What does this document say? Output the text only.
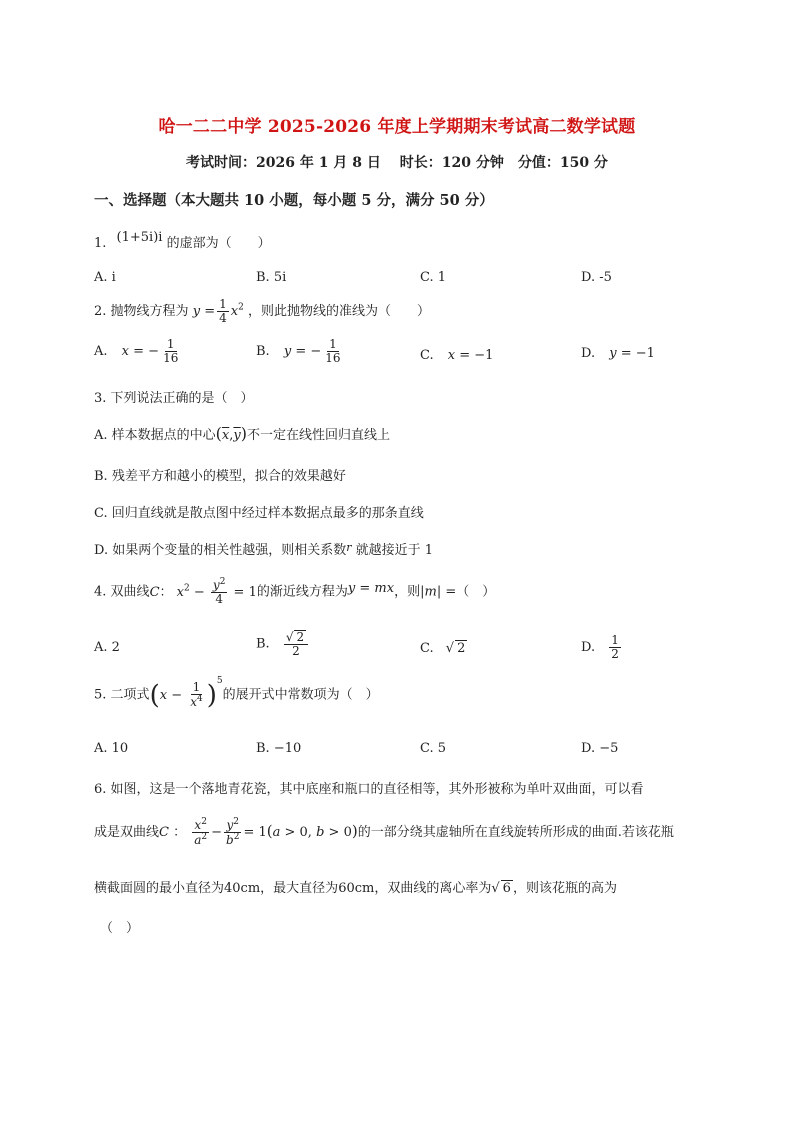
哈一二二中学 2025-2026 年度上学期期末考试高二数学试题
考试时间：2026 年 1 月 8 日　 时长：120 分钟　分值：150 分
一、选择题（本大题共 10 小题，每小题 5 分，满分 50 分）
1. (1+5i)i 的虚部为（　　）
A. i	B. 5i	C. 1	D. -5
2. 抛物线方程为 $y = \frac{1}{4} x^2$ ，则此抛物线的准线为（　　）
A. x = − $\frac{1}{16}$	B. y = − $\frac{1}{16}$	C. x = −1	D. y = −1
3. 下列说法正确的是（　）
A. 样本数据点的中心$(\overline{x},\overline{y})$不一定在线性回归直线上
B. 残差平方和越小的模型，拟合的效果越好
C. 回归直线就是散点图中经过样本数据点最多的那条直线
D. 如果两个变量的相关性越强，则相关系数$^r$ 就越接近于 1
4. 双曲线C： $x^2 - \frac{y^2}{4} = 1$的渐近线方程为y = mx，则|m| =（　）
A. 2	B. $\frac{√ 2}{2}$	C. √ 2	D. $\frac{1}{2}$
5. 二项式$(x - \frac{1}{x^4} )^5$的展开式中常数项为（　）
A. 10	B. −10	C. 5	D. −5
6. 如图，这是一个落地青花瓷，其中底座和瓶口的直径相等，其外形被称为单叶双曲面，可以看
成是双曲线C ： $\frac{x^2}{a^2} - \frac{y^2}{b^2} = 1(a > 0$, b > 0)的一部分绕其虚轴所在直线旋转所形成的曲面.若该花瓶
横截面圆的最小直径为40cm，最大直径为60cm，双曲线的离心率为√ 6 ，则该花瓶的高为
（　）
